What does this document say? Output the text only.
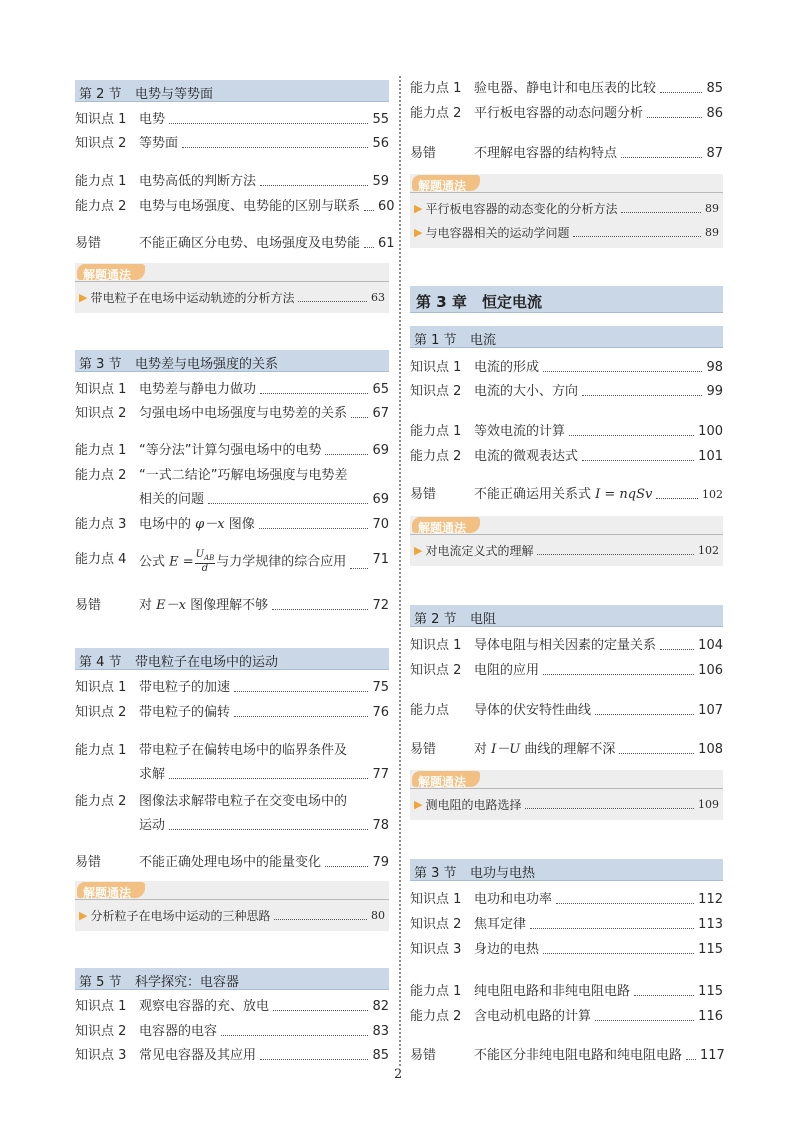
第 2 节 电势与等势面
知识点 1 电势	55
知识点 2 等势面	56
能力点 1 电势高低的判断方法	59
能力点 2 电势与电场强度、电势能的区别与联系 60
易错	不能正确区分电势、电场强度及电势能 61
解题通法
▶ 带电粒子在电场中运动轨迹的分析方法	63
第 3 节 电势差与电场强度的关系
知识点 1 电势差与静电力做功	65
知识点 2 匀强电场中电场强度与电势差的关系 67
能力点 1 “等分法”计算匀强电场中的电势	69
能力点 2 “一式二结论”巧解电场强度与电势差
相关的问题	69
能力点 3 电场中的 φ－x 图像	70
能力点 4 公式 $E = \frac{U_{AB}}{d}$ 与力学规律的综合应用 71
易错	对 E－x 图像理解不够	72
第 4 节 带电粒子在电场中的运动
知识点 1 带电粒子的加速	75
知识点 2 带电粒子的偏转	76
能力点 1 带电粒子在偏转电场中的临界条件及
求解	77
能力点 2 图像法求解带电粒子在交变电场中的
运动	78
易错	不能正确处理电场中的能量变化	79
解题通法
▶ 分析粒子在电场中运动的三种思路	80
第 5 节 科学探究：电容器
知识点 1 观察电容器的充、放电	82
知识点 2 电容器的电容	83
知识点 3 常见电容器及其应用	85
能力点 1 验电器、静电计和电压表的比较	85
能力点 2 平行板电容器的动态问题分析	86
易错	不理解电容器的结构特点	87
解题通法
▶ 平行板电容器的动态变化的分析方法	89
▶ 与电容器相关的运动学问题	89
第 3 章 恒定电流
第 1 节 电流
知识点 1 电流的形成	98
知识点 2 电流的大小、方向	99
能力点 1 等效电流的计算	100
能力点 2 电流的微观表达式	101
易错	不能正确运用关系式 I = nqSv	102
解题通法
▶ 对电流定义式的理解	102
第 2 节 电阻
知识点 1 导体电阻与相关因素的定量关系	104
知识点 2 电阻的应用	106
能力点 导体的伏安特性曲线	107
易错	对 I－U 曲线的理解不深	108
解题通法
▶ 测电阻的电路选择	109
第 3 节 电功与电热
知识点 1 电功和电功率	112
知识点 2 焦耳定律	113
知识点 3 身边的电热	115
能力点 1 纯电阻电路和非纯电阻电路	115
能力点 2 含电动机电路的计算	116
易错	不能区分非纯电阻电路和纯电阻电路 117
2
